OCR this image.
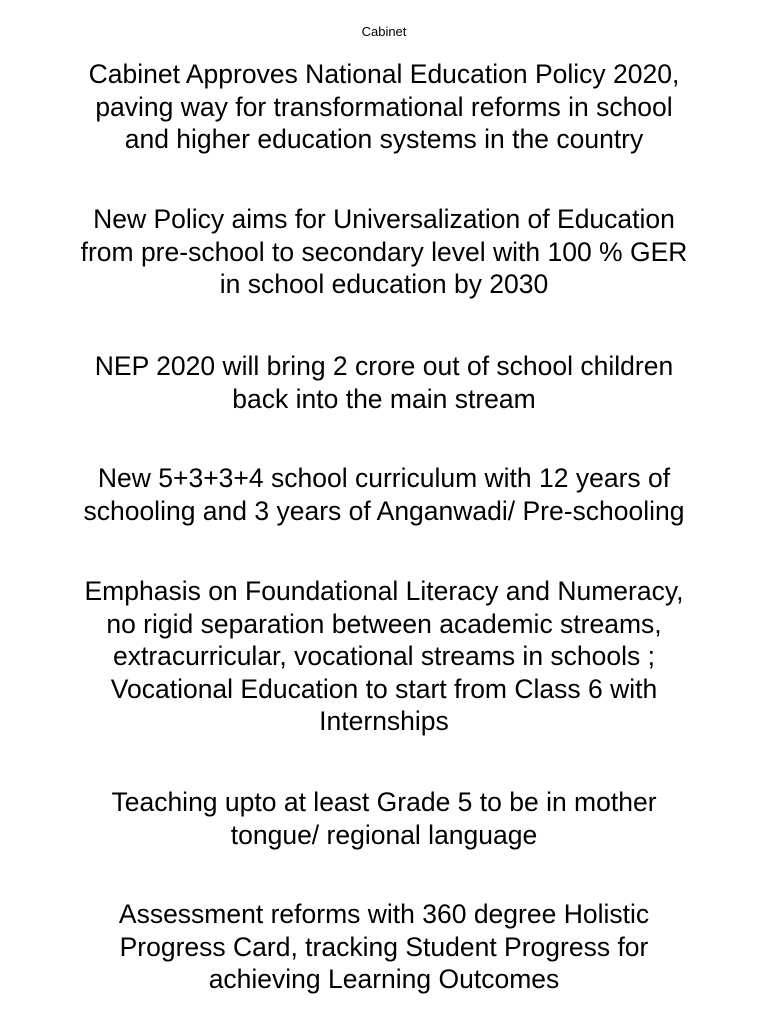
Cabinet

Cabinet Approves National Education Policy 2020,
paving way for transformational reforms in school
and higher education systems in the country

New Policy aims for Universalization of Education
from pre-school to secondary level with 100 % GER
in school education by 2030

NEP 2020 will bring 2 crore out of school children
back into the main stream

New 5+3+3+4 school curriculum with 12 years of
schooling and 3 years of Anganwadi/ Pre-schooling

Emphasis on Foundational Literacy and Numeracy,
no rigid separation between academic streams,
extracurricular, vocational streams in schools ;
Vocational Education to start from Class 6 with
Internships

Teaching upto at least Grade 5 to be in mother
tongue/ regional language

Assessment reforms with 360 degree Holistic
Progress Card, tracking Student Progress for
achieving Learning Outcomes
